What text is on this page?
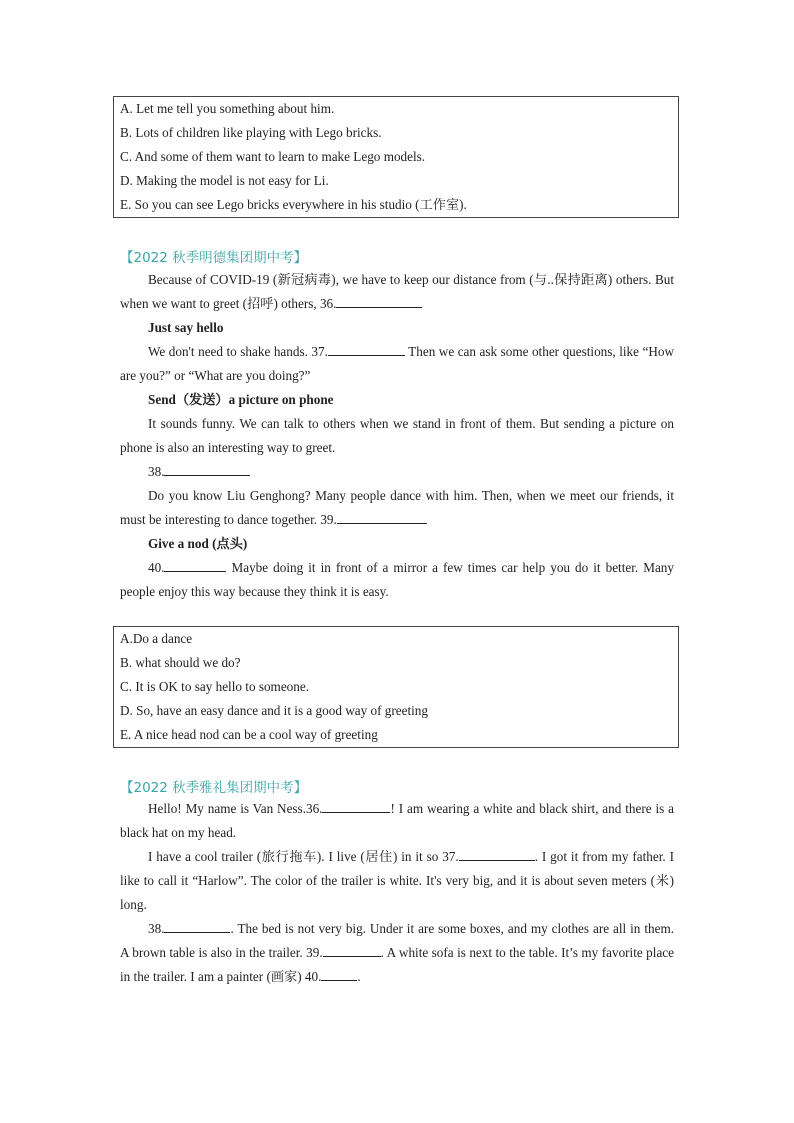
A. Let me tell you something about him.
B. Lots of children like playing with Lego bricks.
C. And some of them want to learn to make Lego models.
D. Making the model is not easy for Li.
E. So you can see Lego bricks everywhere in his studio (工作室).
【2022 秋季明德集团期中考】

Because of COVID-19 (新冠病毒), we have to keep our distance from (与..保持距离) others. But when we want to greet (招呼) others, 36.

Just say hello

We don't need to shake hands. 37.	Then we can ask some other questions, like “How are you?” or “What are you doing?”

Send（发送）a picture on phone

It sounds funny. We can talk to others when we stand in front of them. But sending a picture on phone is also an interesting way to greet.

38.

Do you know Liu Genghong? Many people dance with him. Then, when we meet our friends, it must be interesting to dance together. 39.

Give a nod (点头)

40.	Maybe doing it in front of a mirror a few times car help you do it better. Many people enjoy this way because they think it is easy.

A.Do a dance
B. what should we do?
C. It is OK to say hello to someone.
D. So, have an easy dance and it is a good way of greeting
E. A nice head nod can be a cool way of greeting
【2022 秋季雅礼集团期中考】

Hello! My name is Van Ness.36.	! I am wearing a white and black shirt, and there is a black hat on my head.

I have a cool trailer (旅行拖车). I live (居住) in it so 37.	. I got it from my father. I like to call it “Harlow”. The color of the trailer is white. It's very big, and it is about seven meters (米) long.

38.	. The bed is not very big. Under it are some boxes, and my clothes are all in them. A brown table is also in the trailer. 39.	. A white sofa is next to the table. It’s my favorite place in the trailer. I am a painter (画家) 40.	.
